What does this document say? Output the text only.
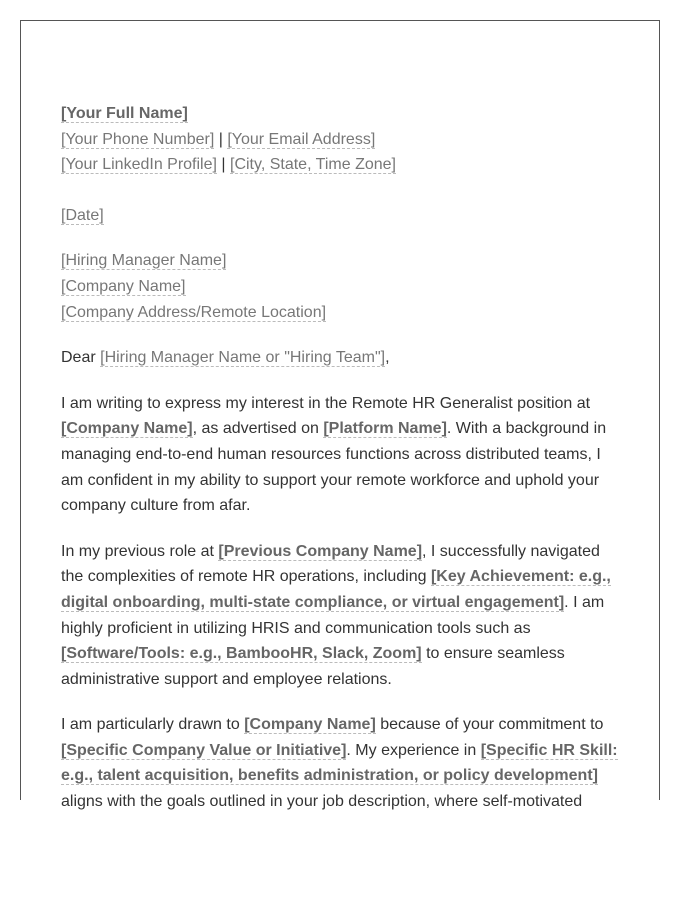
[Your Full Name]
[Your Phone Number] | [Your Email Address]
[Your LinkedIn Profile] | [City, State, Time Zone]
[Date]
[Hiring Manager Name]
[Company Name]
[Company Address/Remote Location]

Dear [Hiring Manager Name or "Hiring Team"],

I am writing to express my interest in the Remote HR Generalist position at [Company Name], as advertised on [Platform Name]. With a background in managing end-to-end human resources functions across distributed teams, I am confident in my ability to support your remote workforce and uphold your company culture from afar.

In my previous role at [Previous Company Name], I successfully navigated the complexities of remote HR operations, including [Key Achievement: e.g., digital onboarding, multi-state compliance, or virtual engagement]. I am highly proficient in utilizing HRIS and communication tools such as [Software/Tools: e.g., BambooHR, Slack, Zoom] to ensure seamless administrative support and employee relations.

I am particularly drawn to [Company Name] because of your commitment to [Specific Company Value or Initiative]. My experience in [Specific HR Skill: e.g., talent acquisition, benefits administration, or policy development] aligns with the goals outlined in your job description, where self-motivated
